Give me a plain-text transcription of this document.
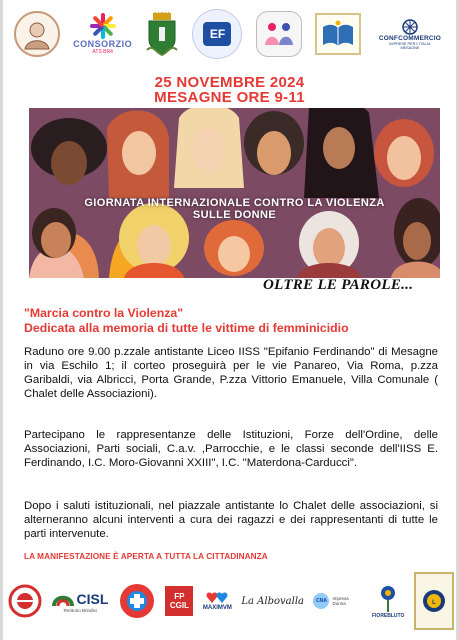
CONSORZIO
ATS BR4
EF	CONFCOMMERCIO
IMPRESE PER L'ITALIA
MESAGNE
25 NOVEMBRE 2024
MESAGNE ORE 9-11
GIORNATA INTERNAZIONALE CONTRO LA VIOLENZA
SULLE DONNE
OLTRE LE PAROLE...
"Marcia contro la Violenza"
Dedicata alla memoria di tutte le vittime di femminicidio
Raduno ore 9.00 p.zzale antistante Liceo IISS "Epifanio Ferdinando" di Mesagne in via Eschilo 1; il corteo proseguirà per le vie Panareo, Via Roma, p.zza Garibaldi, via Albricci, Porta Grande, P.zza Vittorio Emanuele, Villa Comunale ( Chalet delle Associazioni).
Partecipano le rappresentanze delle Istituzioni, Forze dell'Ordine, delle Associazioni, Parti sociali, C.a.v. ,Parrocchie, e le classi seconde dell'IISS E. Ferdinando, I.C. Moro-Giovanni XXIII", I.C. "Materdona-Carducci".
Dopo i saluti istituzionali, nel piazzale antistante lo Chalet delle associazioni, si alterneranno alcuni interventi a cura dei ragazzi e dei rappresentanti di tutte le parti intervenute.
LA MANIFESTAZIONE È APERTA A TUTTA LA CITTADINANZA
CISL
Territorio Brindisi
FP CGIL	MAXIMVM
La Albovalla	CNA	Impresa Donna
FIOREBLUTO
L
